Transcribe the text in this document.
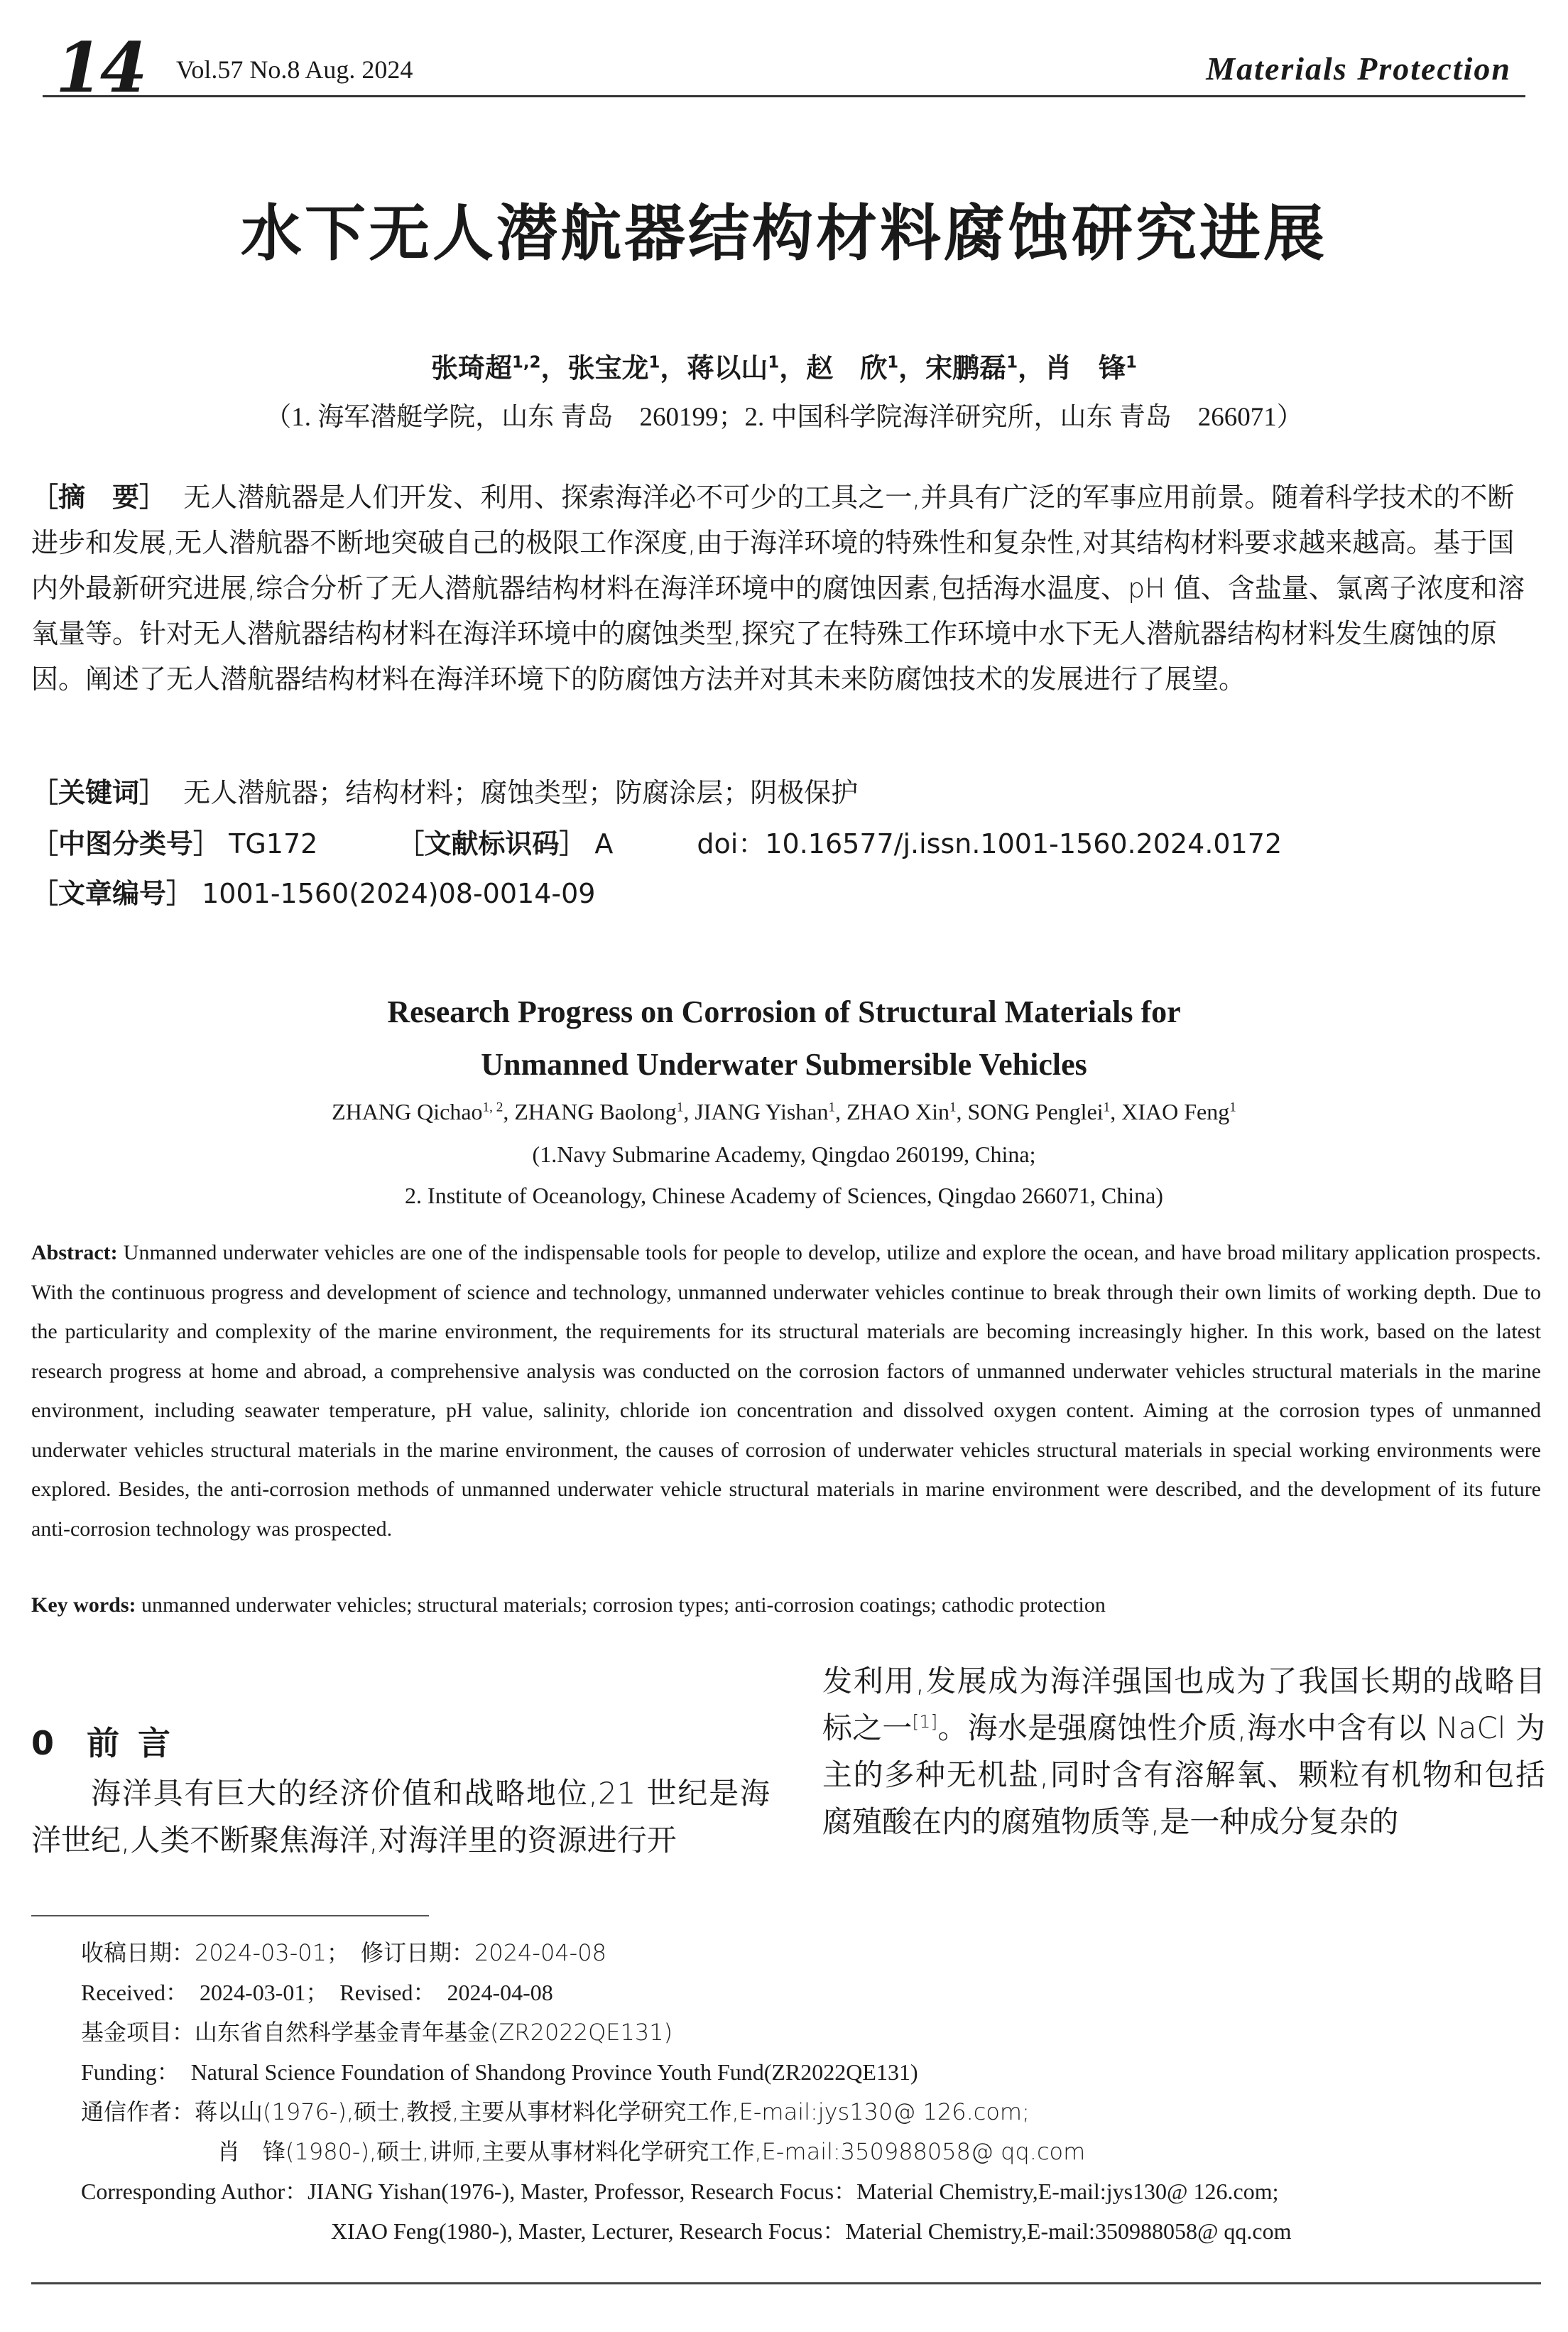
14 Vol.57 No.8 Aug. 2024	Materials Protection
水下无人潜航器结构材料腐蚀研究进展
张琦超$^{1,2}$，张宝龙$^1$，蒋以山$^1$，赵　欣$^1$，宋鹏磊$^1$，肖　锋$^1$
（1. 海军潜艇学院，山东 青岛　260199；2. 中国科学院海洋研究所，山东 青岛　266071）
［摘　要］ 无人潜航器是人们开发、利用、探索海洋必不可少的工具之一,并具有广泛的军事应用前景。随着科学技术的不断进步和发展,无人潜航器不断地突破自己的极限工作深度,由于海洋环境的特殊性和复杂性,对其结构材料要求越来越高。基于国内外最新研究进展,综合分析了无人潜航器结构材料在海洋环境中的腐蚀因素,包括海水温度、pH 值、含盐量、氯离子浓度和溶氧量等。针对无人潜航器结构材料在海洋环境中的腐蚀类型,探究了在特殊工作环境中水下无人潜航器结构材料发生腐蚀的原因。阐述了无人潜航器结构材料在海洋环境下的防腐蚀方法并对其未来防腐蚀技术的发展进行了展望。
［关键词］ 无人潜航器；结构材料；腐蚀类型；防腐涂层；阴极保护
［中图分类号］ TG172	［文献标识码］ A	doi：10.16577/j.issn.1001-1560.2024.0172
［文章编号］ 1001-1560(2024)08-0014-09
Research Progress on Corrosion of Structural Materials for
Unmanned Underwater Submersible Vehicles
ZHANG Qichao$^{1, 2}$, ZHANG Baolong$^1$, JIANG Yishan$^1$, ZHAO Xin$^1$, SONG Penglei$^1$, XIAO Feng$^1$
(1.Navy Submarine Academy, Qingdao 260199, China;
2. Institute of Oceanology, Chinese Academy of Sciences, Qingdao 266071, China)
Abstract: Unmanned underwater vehicles are one of the indispensable tools for people to develop, utilize and explore the ocean, and have broad military application prospects. With the continuous progress and development of science and technology, unmanned underwater vehicles continue to break through their own limits of working depth. Due to the particularity and complexity of the marine environment, the requirements for its structural materials are becoming increasingly higher. In this work, based on the latest research progress at home and abroad, a comprehensive analysis was conducted on the corrosion factors of unmanned underwater vehicles structural materials in the marine environment, including seawater temperature, pH value, salinity, chloride ion concentration and dissolved oxygen content. Aiming at the corrosion types of unmanned underwater vehicles structural materials in the marine environment, the causes of corrosion of underwater vehicles structural materials in special working environments were explored. Besides, the anti-corrosion methods of unmanned underwater vehicle structural materials in marine environment were described, and the development of its future anti-corrosion technology was prospected.
Key words: unmanned underwater vehicles; structural materials; corrosion types; anti-corrosion coatings; cathodic protection
0 前言
海洋具有巨大的经济价值和战略地位,21 世纪是海洋世纪,人类不断聚焦海洋,对海洋里的资源进行开
发利用,发展成为海洋强国也成为了我国长期的战略目标之一[1]。海水是强腐蚀性介质,海水中含有以 NaCl 为主的多种无机盐,同时含有溶解氧、颗粒有机物和包括腐殖酸在内的腐殖物质等,是一种成分复杂的
收稿日期：2024-03-01；　修订日期：2024-04-08
Received：　2024-03-01；　Revised：　2024-04-08
基金项目：山东省自然科学基金青年基金(ZR2022QE131)
Funding：　Natural Science Foundation of Shandong Province Youth Fund(ZR2022QE131)
通信作者：蒋以山(1976-),硕士,教授,主要从事材料化学研究工作,E-mail:jys130@ 126.com;
肖　锋(1980-),硕士,讲师,主要从事材料化学研究工作,E-mail:350988058@ qq.com
Corresponding Author：JIANG Yishan(1976-), Master, Professor, Research Focus：Material Chemistry,E-mail:jys130@ 126.com;
XIAO Feng(1980-), Master, Lecturer, Research Focus：Material Chemistry,E-mail:350988058@ qq.com
